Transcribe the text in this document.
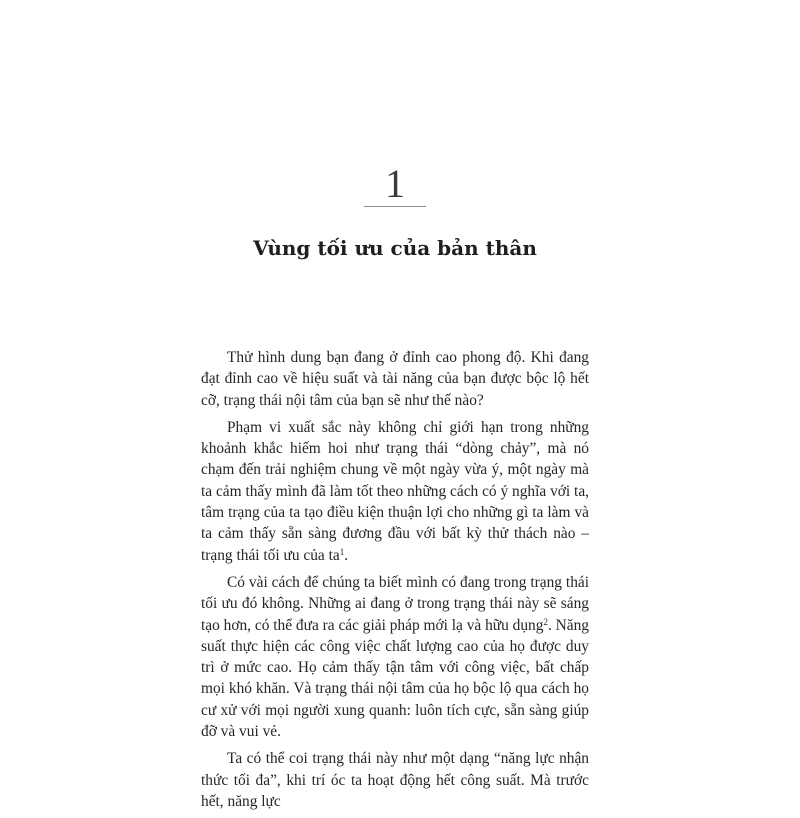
1
Vùng tối ưu của bản thân

Thử hình dung bạn đang ở đỉnh cao phong độ. Khi đang đạt đỉnh cao về hiệu suất và tài năng của bạn được bộc lộ hết cỡ, trạng thái nội tâm của bạn sẽ như thế nào?

Phạm vi xuất sắc này không chỉ giới hạn trong những khoảnh khắc hiếm hoi như trạng thái “dòng chảy”, mà nó chạm đến trải nghiệm chung về một ngày vừa ý, một ngày mà ta cảm thấy mình đã làm tốt theo những cách có ý nghĩa với ta, tâm trạng của ta tạo điều kiện thuận lợi cho những gì ta làm và ta cảm thấy sẵn sàng đương đầu với bất kỳ thử thách nào – trạng thái tối ưu của $ta^1$.

Có vài cách để chúng ta biết mình có đang trong trạng thái tối ưu đó không. Những ai đang ở trong trạng thái này sẽ sáng tạo hơn, có thể đưa ra các giải pháp mới lạ và hữu dụng$^2$. Năng suất thực hiện các công việc chất lượng cao của họ được duy trì ở mức cao. Họ cảm thấy tận tâm với công việc, bất chấp mọi khó khăn. Và trạng thái nội tâm của họ bộc lộ qua cách họ cư xử với mọi người xung quanh: luôn tích cực, sẵn sàng giúp đỡ và vui vẻ.

Ta có thể coi trạng thái này như một dạng “năng lực nhận thức tối đa”, khi trí óc ta hoạt động hết công suất. Mà trước hết, năng lực
